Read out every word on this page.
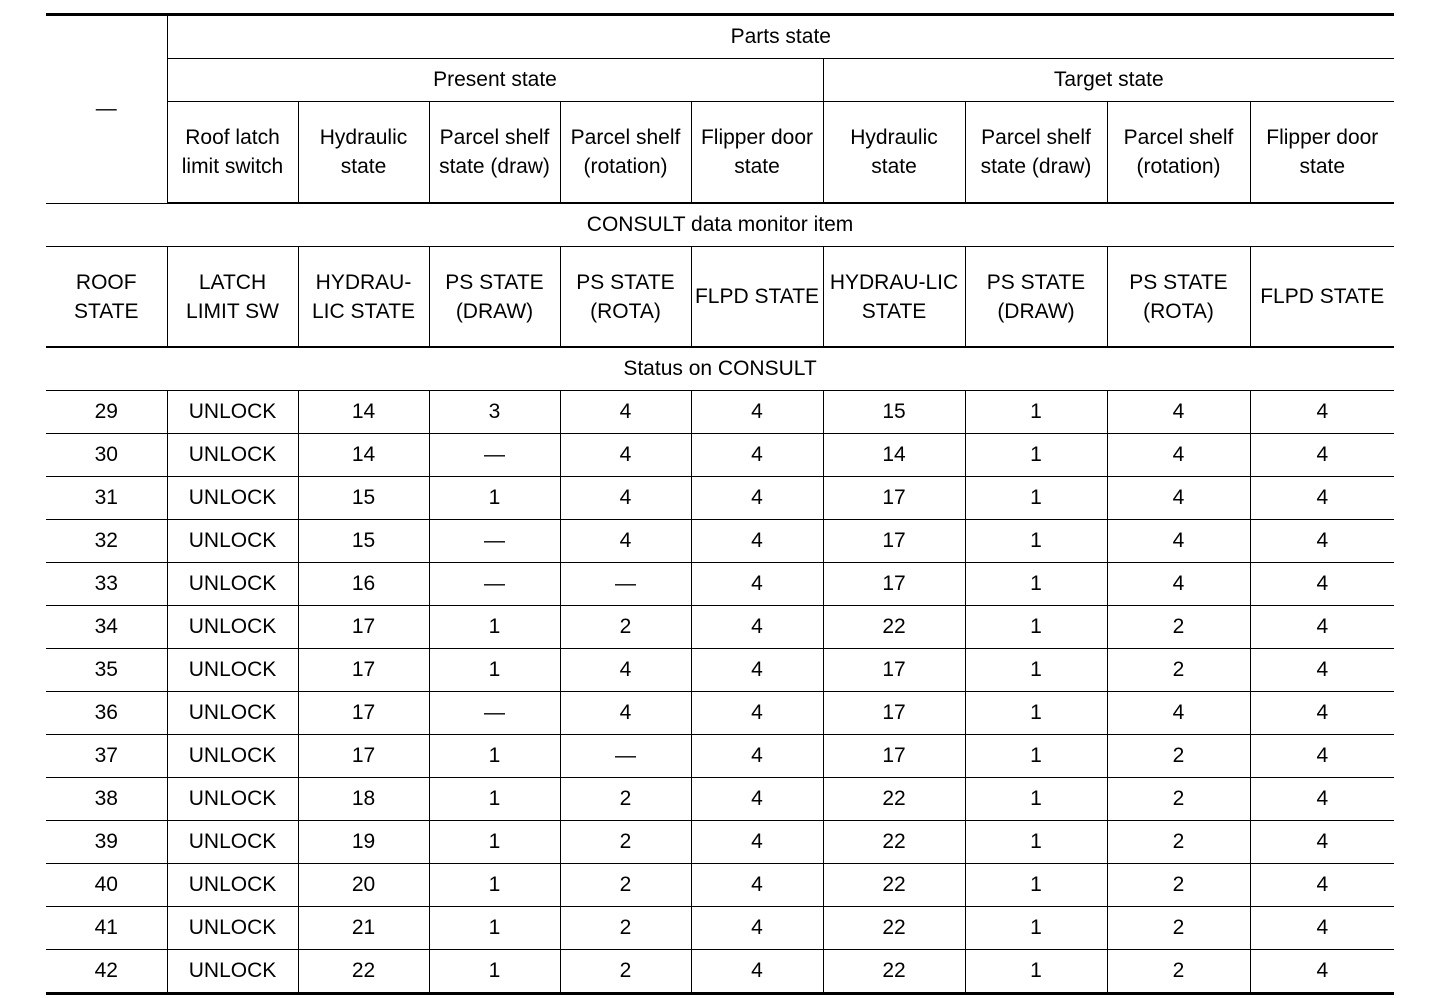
—	Parts state								
	Present state					Target state			
	Roof latch limit switch	Hydraulic state	Parcel shelf state (draw)	Parcel shelf (rotation)	Flipper door state	Hydraulic state	Parcel shelf state (draw)	Parcel shelf (rotation)	Flipper door state
CONSULT data monitor item									
ROOF STATE	LATCH LIMIT SW	HYDRAU-LIC STATE	PS STATE (DRAW)	PS STATE (ROTA)	FLPD STATE	HYDRAU-LIC STATE	PS STATE (DRAW)	PS STATE (ROTA)	FLPD STATE
Status on CONSULT									
29	UNLOCK	14	3	4	4	15	1	4	4
30	UNLOCK	14	—	4	4	14	1	4	4
31	UNLOCK	15	1	4	4	17	1	4	4
32	UNLOCK	15	—	4	4	17	1	4	4
33	UNLOCK	16	—	—	4	17	1	4	4
34	UNLOCK	17	1	2	4	22	1	2	4
35	UNLOCK	17	1	4	4	17	1	2	4
36	UNLOCK	17	—	4	4	17	1	4	4
37	UNLOCK	17	1	—	4	17	1	2	4
38	UNLOCK	18	1	2	4	22	1	2	4
39	UNLOCK	19	1	2	4	22	1	2	4
40	UNLOCK	20	1	2	4	22	1	2	4
41	UNLOCK	21	1	2	4	22	1	2	4
42	UNLOCK	22	1	2	4	22	1	2	4
